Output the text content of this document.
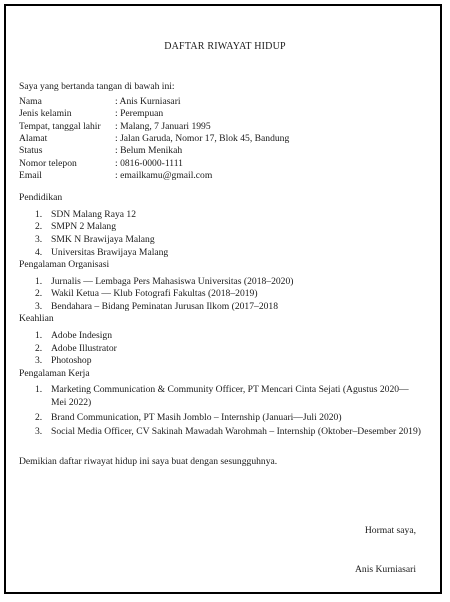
DAFTAR RIWAYAT HIDUP

Saya yang bertanda tangan di bawah ini:

Nama	: Anis Kurniasari
Jenis kelamin	: Perempuan
Tempat, tanggal lahir	: Malang, 7 Januari 1995
Alamat	: Jalan Garuda, Nomor 17, Blok 45, Bandung
Status	: Belum Menikah
Nomor telepon	: 0816-0000-1111
Email	: emailkamu@gmail.com

Pendidikan

1. SDN Malang Raya 12
2. SMPN 2 Malang
3. SMK N Brawijaya Malang
4. Universitas Brawijaya Malang

Pengalaman Organisasi

1. Jurnalis — Lembaga Pers Mahasiswa Universitas (2018–2020)
2. Wakil Ketua — Klub Fotografi Fakultas (2018–2019)
3. Bendahara – Bidang Peminatan Jurusan Ilkom (2017–2018

Keahlian

1. Adobe Indesign
2. Adobe Illustrator
3. Photoshop

Pengalaman Kerja

1. Marketing Communication & Community Officer, PT Mencari Cinta Sejati (Agustus 2020—Mei 2022)
2. Brand Communication, PT Masih Jomblo – Internship (Januari—Juli 2020)
3. Social Media Officer, CV Sakinah Mawadah Warohmah – Internship (Oktober–Desember 2019)

Demikian daftar riwayat hidup ini saya buat dengan sesungguhnya.

Hormat saya,
Anis Kurniasari
